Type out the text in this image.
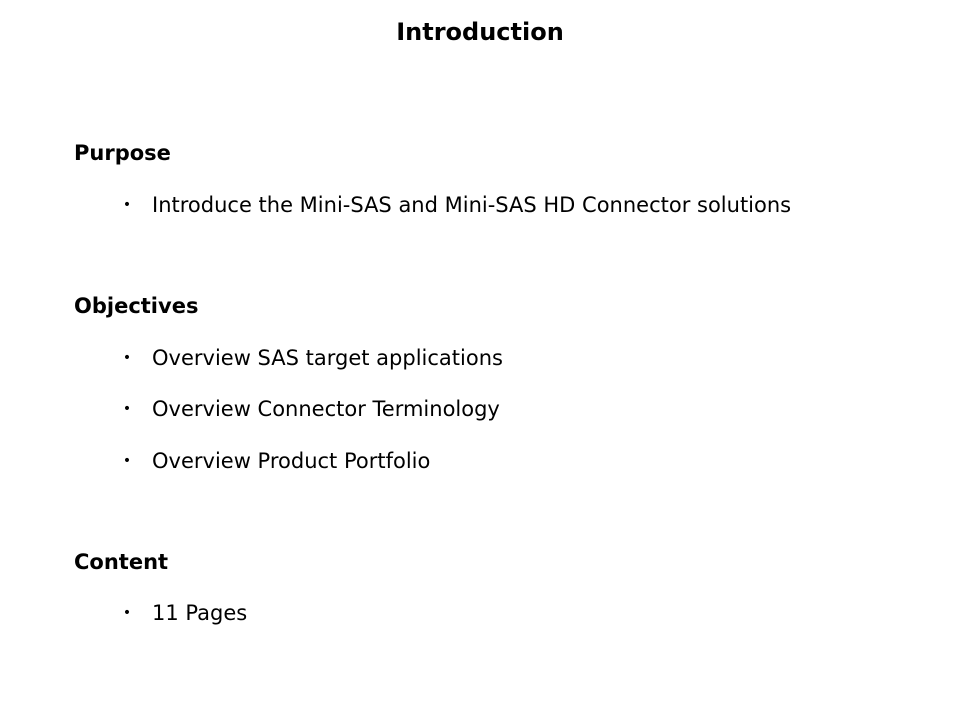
Introduction
Purpose
• Introduce the Mini-SAS and Mini-SAS HD Connector solutions
Objectives
• Overview SAS target applications
• Overview Connector Terminology
• Overview Product Portfolio
Content
• 11 Pages
